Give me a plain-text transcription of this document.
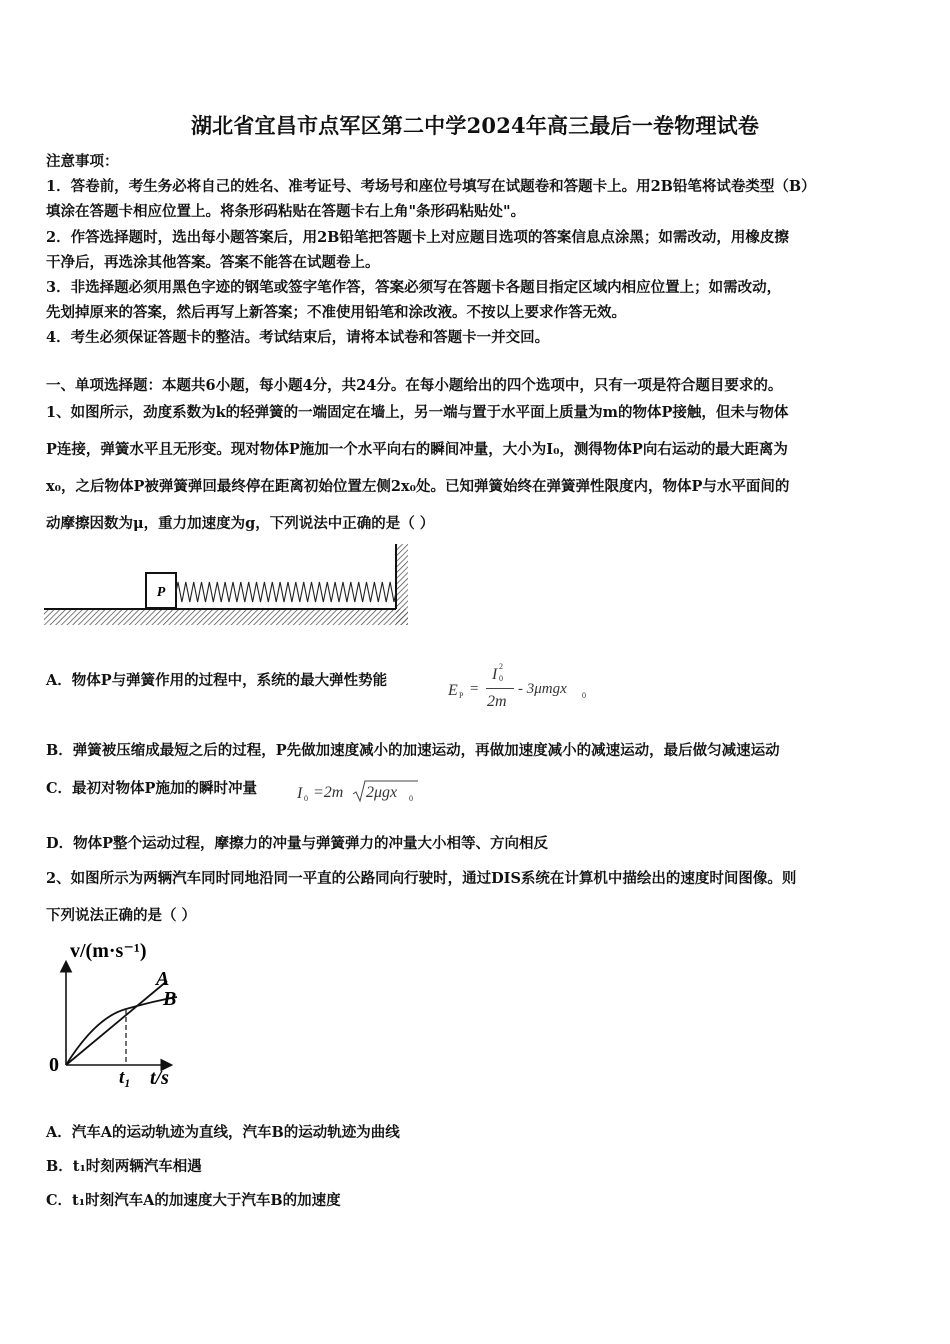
湖北省宜昌市点军区第二中学2024年高三最后一卷物理试卷
注意事项：
1．答卷前，考生务必将自己的姓名、准考证号、考场号和座位号填写在试题卷和答题卡上。用2B铅笔将试卷类型（B）
填涂在答题卡相应位置上。将条形码粘贴在答题卡右上角"条形码粘贴处"。
2．作答选择题时，选出每小题答案后，用2B铅笔把答题卡上对应题目选项的答案信息点涂黑；如需改动，用橡皮擦
干净后，再选涂其他答案。答案不能答在试题卷上。
3．非选择题必须用黑色字迹的钢笔或签字笔作答，答案必须写在答题卡各题目指定区域内相应位置上；如需改动，
先划掉原来的答案，然后再写上新答案；不准使用铅笔和涂改液。不按以上要求作答无效。
4．考生必须保证答题卡的整洁。考试结束后，请将本试卷和答题卡一并交回。
一、单项选择题：本题共6小题，每小题4分，共24分。在每小题给出的四个选项中，只有一项是符合题目要求的。
1、如图所示，劲度系数为k的轻弹簧的一端固定在墙上，另一端与置于水平面上质量为m的物体P接触，但未与物体
P连接，弹簧水平且无形变。现对物体P施加一个水平向右的瞬间冲量，大小为I₀，测得物体P向右运动的最大距离为
x₀，之后物体P被弹簧弹回最终停在距离初始位置左侧2x₀处。已知弹簧始终在弹簧弹性限度内，物体P与水平面间的
动摩擦因数为μ，重力加速度为g，下列说法中正确的是（ ）
P
A．物体P与弹簧作用的过程中，系统的最大弹性势能
E P =
I 0
2
2m
- 3μmgx 0
B．弹簧被压缩成最短之后的过程，P先做加速度减小的加速运动，再做加速度减小的减速运动，最后做匀减速运动
C．最初对物体P施加的瞬时冲量	I 0 =2m 2μgx 0
D．物体P整个运动过程，摩擦力的冲量与弹簧弹力的冲量大小相等、方向相反
2、如图所示为两辆汽车同时同地沿同一平直的公路同向行驶时，通过DIS系统在计算机中描绘出的速度时间图像。则
下列说法正确的是（ ）
v/(m·s⁻¹)
0
t/s
t₁
A
B
A．汽车A的运动轨迹为直线，汽车B的运动轨迹为曲线
B．t₁时刻两辆汽车相遇
C．t₁时刻汽车A的加速度大于汽车B的加速度
